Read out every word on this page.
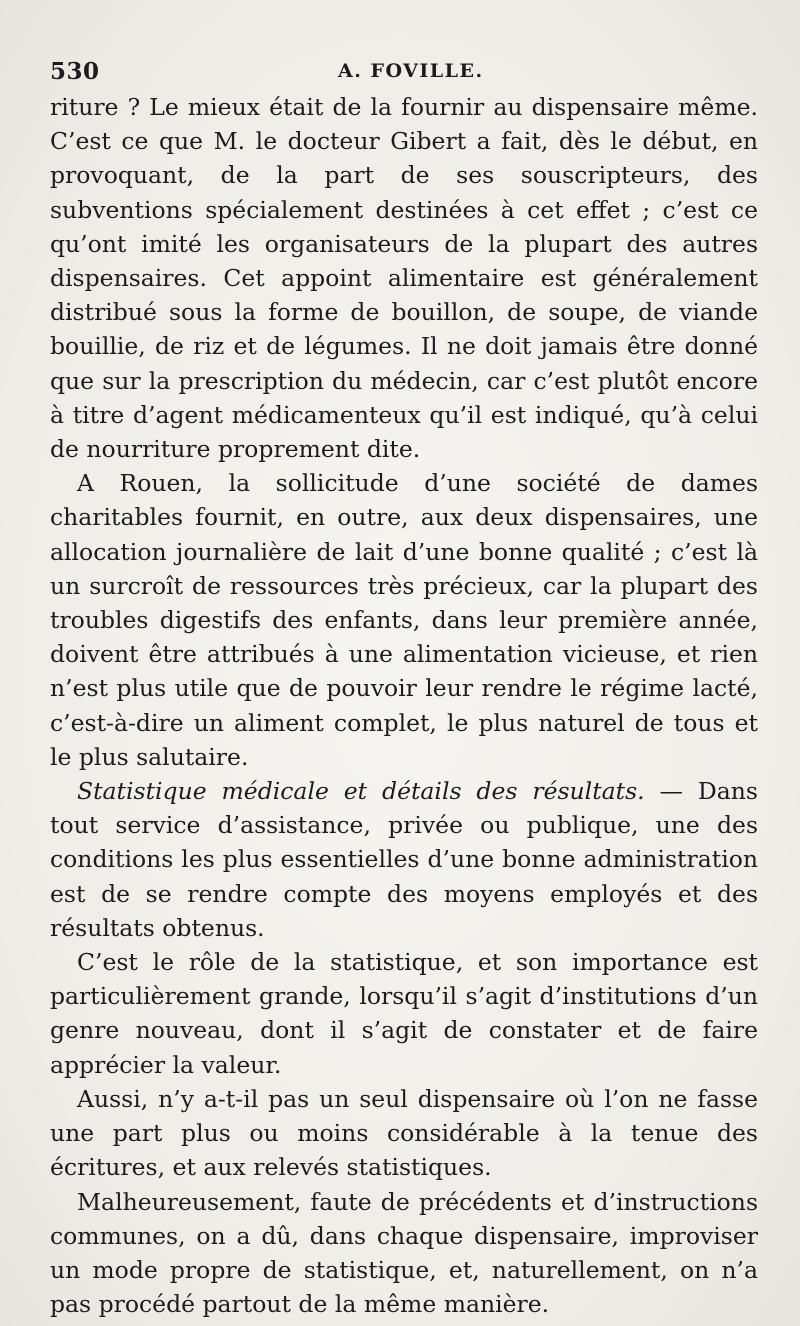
530	A. FOVILLE.

riture ? Le mieux était de la fournir au dispensaire même. C’est ce que M. le docteur Gibert a fait, dès le début, en provoquant, de la part de ses souscripteurs, des subventions spécialement destinées à cet effet ; c’est ce qu’ont imité les organisateurs de la plupart des autres dispensaires. Cet appoint alimentaire est généralement distribué sous la forme de bouillon, de soupe, de viande bouillie, de riz et de légumes. Il ne doit jamais être donné que sur la prescription du médecin, car c’est plutôt encore à titre d’agent médicamenteux qu’il est indiqué, qu’à celui de nourriture proprement dite.

A Rouen, la sollicitude d’une société de dames charitables fournit, en outre, aux deux dispensaires, une allocation journalière de lait d’une bonne qualité ; c’est là un surcroît de ressources très précieux, car la plupart des troubles digestifs des enfants, dans leur première année, doivent être attribués à une alimentation vicieuse, et rien n’est plus utile que de pouvoir leur rendre le régime lacté, c’est-à-dire un aliment complet, le plus naturel de tous et le plus salutaire.

Statistique médicale et détails des résultats. — Dans tout service d’assistance, privée ou publique, une des conditions les plus essentielles d’une bonne administration est de se rendre compte des moyens employés et des résultats obtenus.

C’est le rôle de la statistique, et son importance est particulièrement grande, lorsqu’il s’agit d’institutions d’un genre nouveau, dont il s’agit de constater et de faire apprécier la valeur.

Aussi, n’y a-t-il pas un seul dispensaire où l’on ne fasse une part plus ou moins considérable à la tenue des écritures, et aux relevés statistiques.

Malheureusement, faute de précédents et d’instructions communes, on a dû, dans chaque dispensaire, improviser un mode propre de statistique, et, naturellement, on n’a pas procédé partout de la même manière.
